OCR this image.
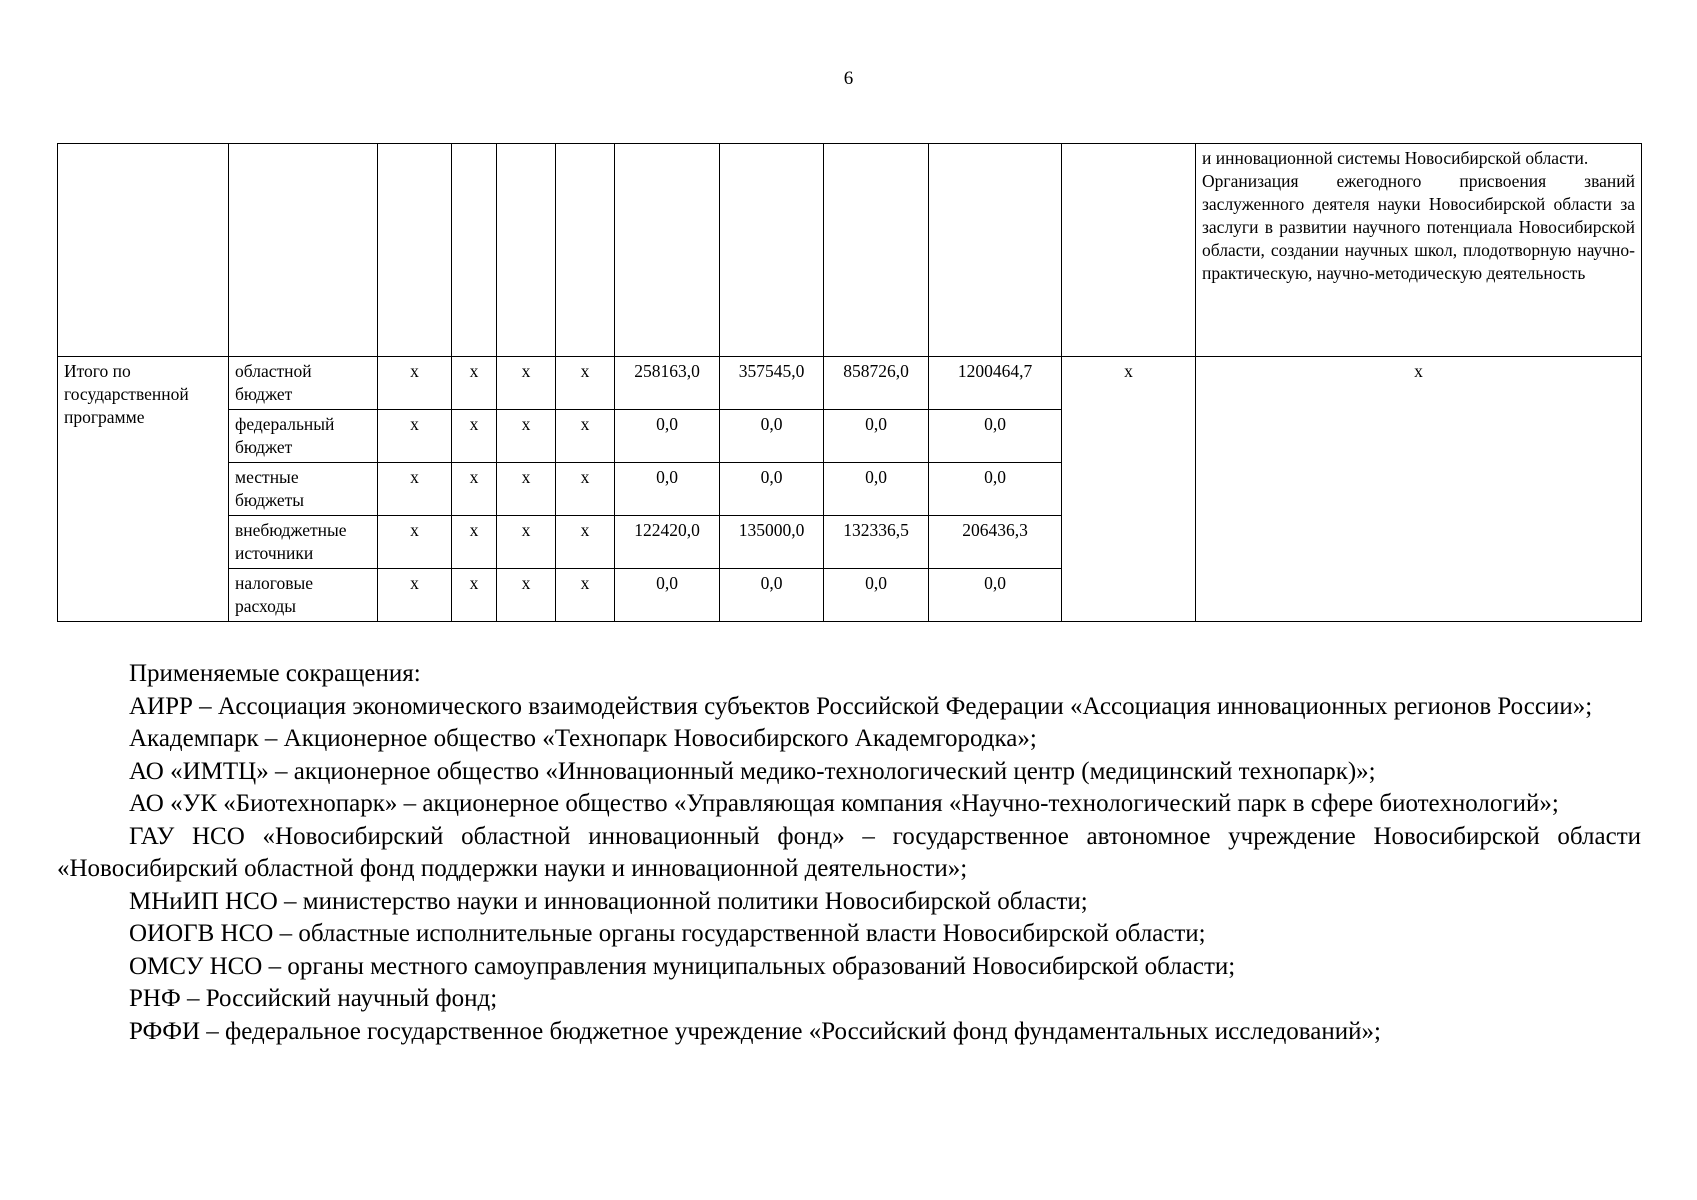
6

											и инновационной системы Новосибирской области.

Организация ежегодного присвоения званий заслуженного деятеля науки Новосибирской области за заслуги в развитии научного потенциала Новосибирской области, создании научных школ, плодотворную научно-практическую, научно-методическую деятельность

Итого по государственной программе	областной бюджет	x	x	x	x	258163,0	357545,0	858726,0	1200464,7	x	x
	федеральный бюджет	x	x	x	x	0,0	0,0	0,0	0,0		
	местные бюджеты	x	x	x	x	0,0	0,0	0,0	0,0		
	внебюджетные источники	x	x	x	x	122420,0	135000,0	132336,5	206436,3		
	налоговые расходы	x	x	x	x	0,0	0,0	0,0	0,0		

Применяемые сокращения:

АИРР – Ассоциация экономического взаимодействия субъектов Российской Федерации «Ассоциация инновационных регионов России»;

Академпарк – Акционерное общество «Технопарк Новосибирского Академгородка»;

АО «ИМТЦ» – акционерное общество «Инновационный медико-технологический центр (медицинский технопарк)»;

АО «УК «Биотехнопарк» – акционерное общество «Управляющая компания «Научно-технологический парк в сфере биотехнологий»;

ГАУ НСО «Новосибирский областной инновационный фонд» – государственное автономное учреждение Новосибирской области «Новосибирский областной фонд поддержки науки и инновационной деятельности»;

МНиИП НСО – министерство науки и инновационной политики Новосибирской области;

ОИОГВ НСО – областные исполнительные органы государственной власти Новосибирской области;

ОМСУ НСО – органы местного самоуправления муниципальных образований Новосибирской области;

РНФ – Российский научный фонд;

РФФИ – федеральное государственное бюджетное учреждение «Российский фонд фундаментальных исследований»;
